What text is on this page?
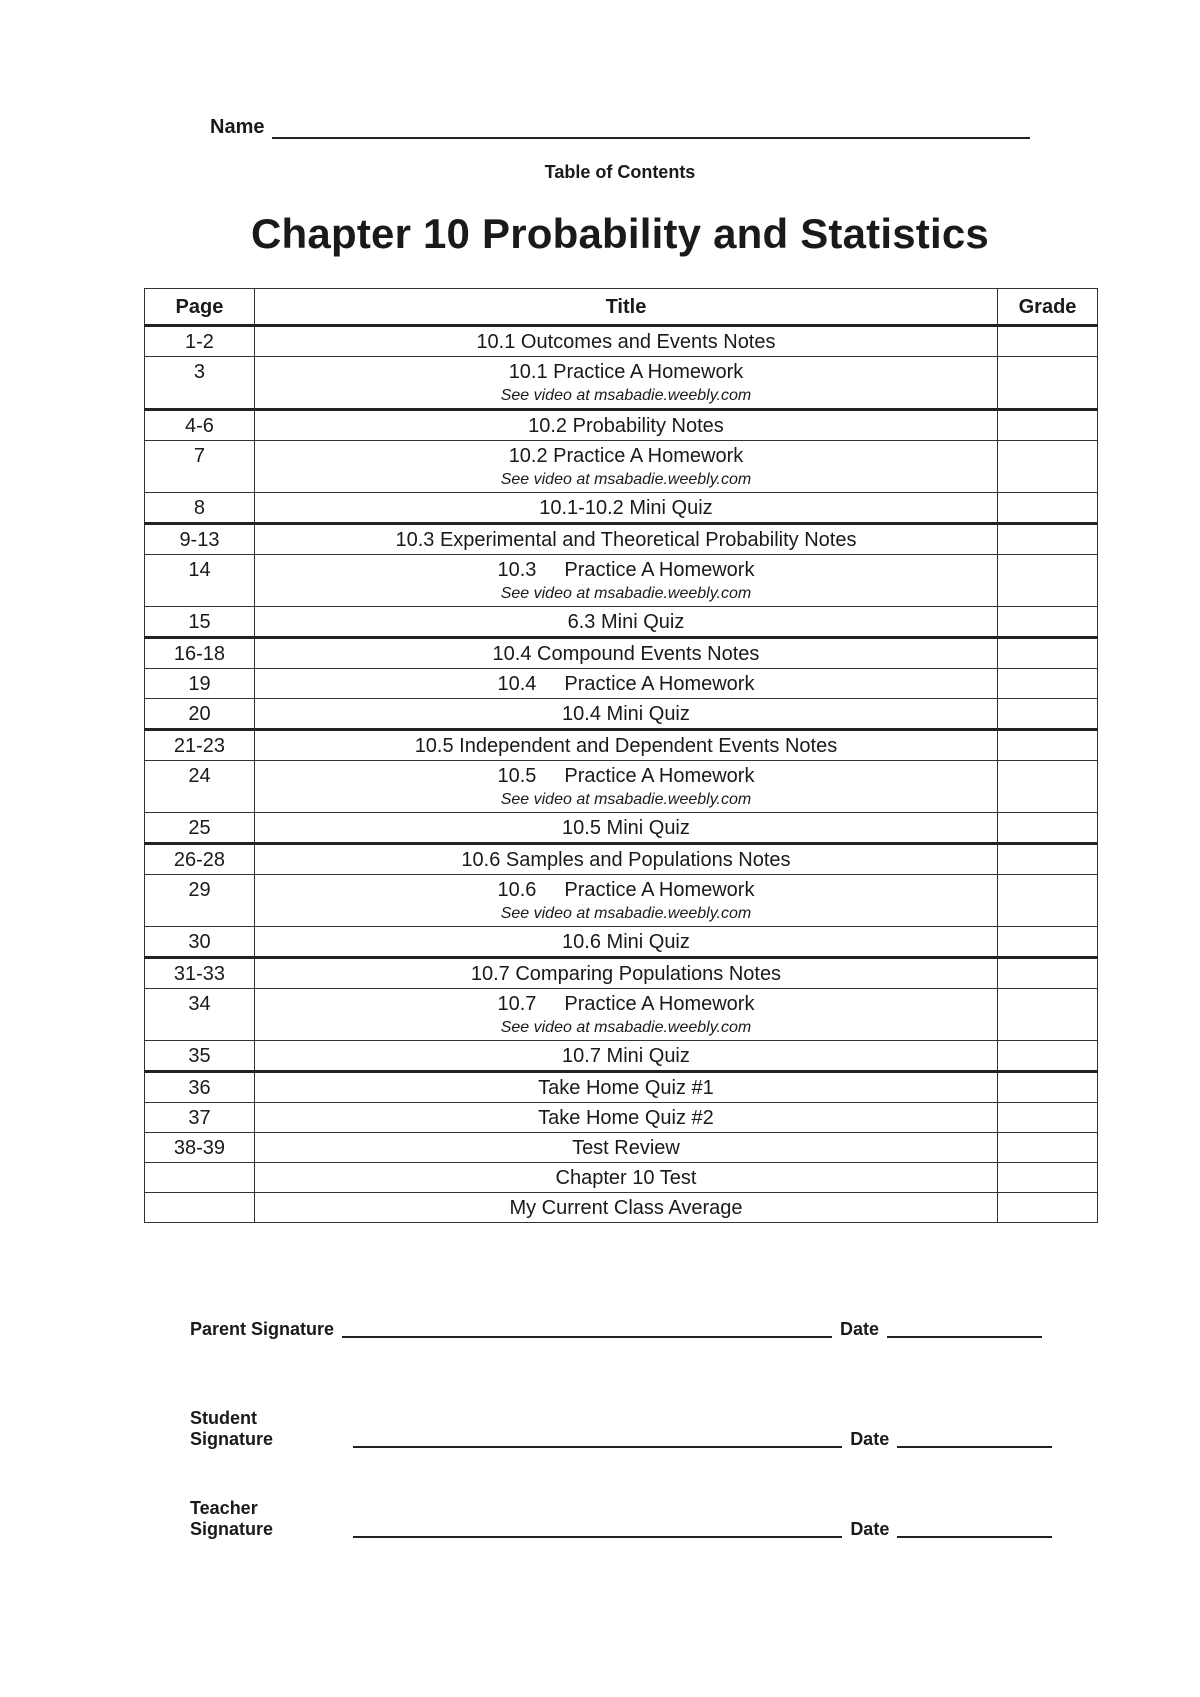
Name
Table of Contents
Chapter 10 Probability and Statistics
Page	Title	Grade
1-2	10.1 Outcomes and Events Notes	
3	10.1 Practice A Homework
See video at msabadie.weebly.com	

4-6	10.2 Probability Notes	
7	10.2 Practice A Homework
See video at msabadie.weebly.com	

8	10.1-10.2 Mini Quiz	
9-13	10.3 Experimental and Theoretical Probability Notes	
14	10.3 Practice A Homework
See video at msabadie.weebly.com	

15	6.3 Mini Quiz	
16-18	10.4 Compound Events Notes	
19	10.4 Practice A Homework	
20	10.4 Mini Quiz	
21-23	10.5 Independent and Dependent Events Notes	
24	10.5 Practice A Homework
See video at msabadie.weebly.com	

25	10.5 Mini Quiz	
26-28	10.6 Samples and Populations Notes	
29	10.6 Practice A Homework
See video at msabadie.weebly.com	

30	10.6 Mini Quiz	
31-33	10.7 Comparing Populations Notes	
34	10.7 Practice A Homework
See video at msabadie.weebly.com	

35	10.7 Mini Quiz	
36	Take Home Quiz #1	
37	Take Home Quiz #2	
38-39	Test Review	
	Chapter 10 Test	
	My Current Class Average	
Parent Signature	Date
Student Signature	Date
Teacher Signature	Date
